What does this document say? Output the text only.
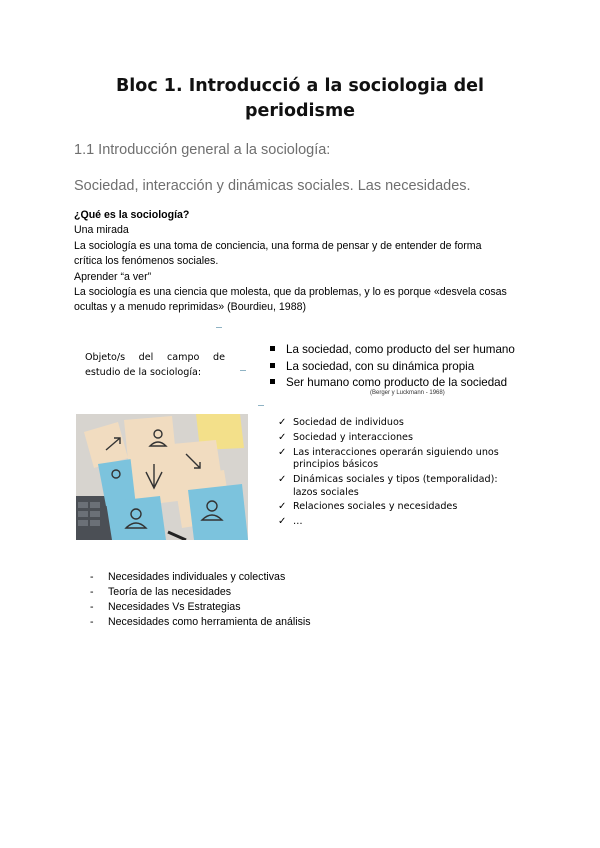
Bloc 1. Introducció a la sociologia del
periodisme
1.1 Introducción general a la sociología:
Sociedad, interacción y dinámicas sociales. Las necesidades.

¿Qué es la sociología?

Una mirada

La sociología es una toma de conciencia, una forma de pensar y de entender de forma

crítica los fenómenos sociales.

Aprender “a ver”

La sociología es una ciencia que molesta, que da problemas, y lo es porque «desvela cosas

ocultas y a menudo reprimidas» (Bourdieu, 1988)

Objeto/s del campo de
estudio de la sociología:
La sociedad, como producto del ser humano
La sociedad, con su dinámica propia
Ser humano como producto de la sociedad
(Berger y Luckmann - 1968)
✓ Sociedad de individuos
✓ Sociedad y interacciones
✓ Las interacciones operarán siguiendo unos
principios básicos
✓ Dinámicas sociales y tipos (temporalidad):
lazos sociales
✓ Relaciones sociales y necesidades
✓ …
-	Necesidades individuales y colectivas
-	Teoría de las necesidades
-	Necesidades Vs Estrategias
-	Necesidades como herramienta de análisis
